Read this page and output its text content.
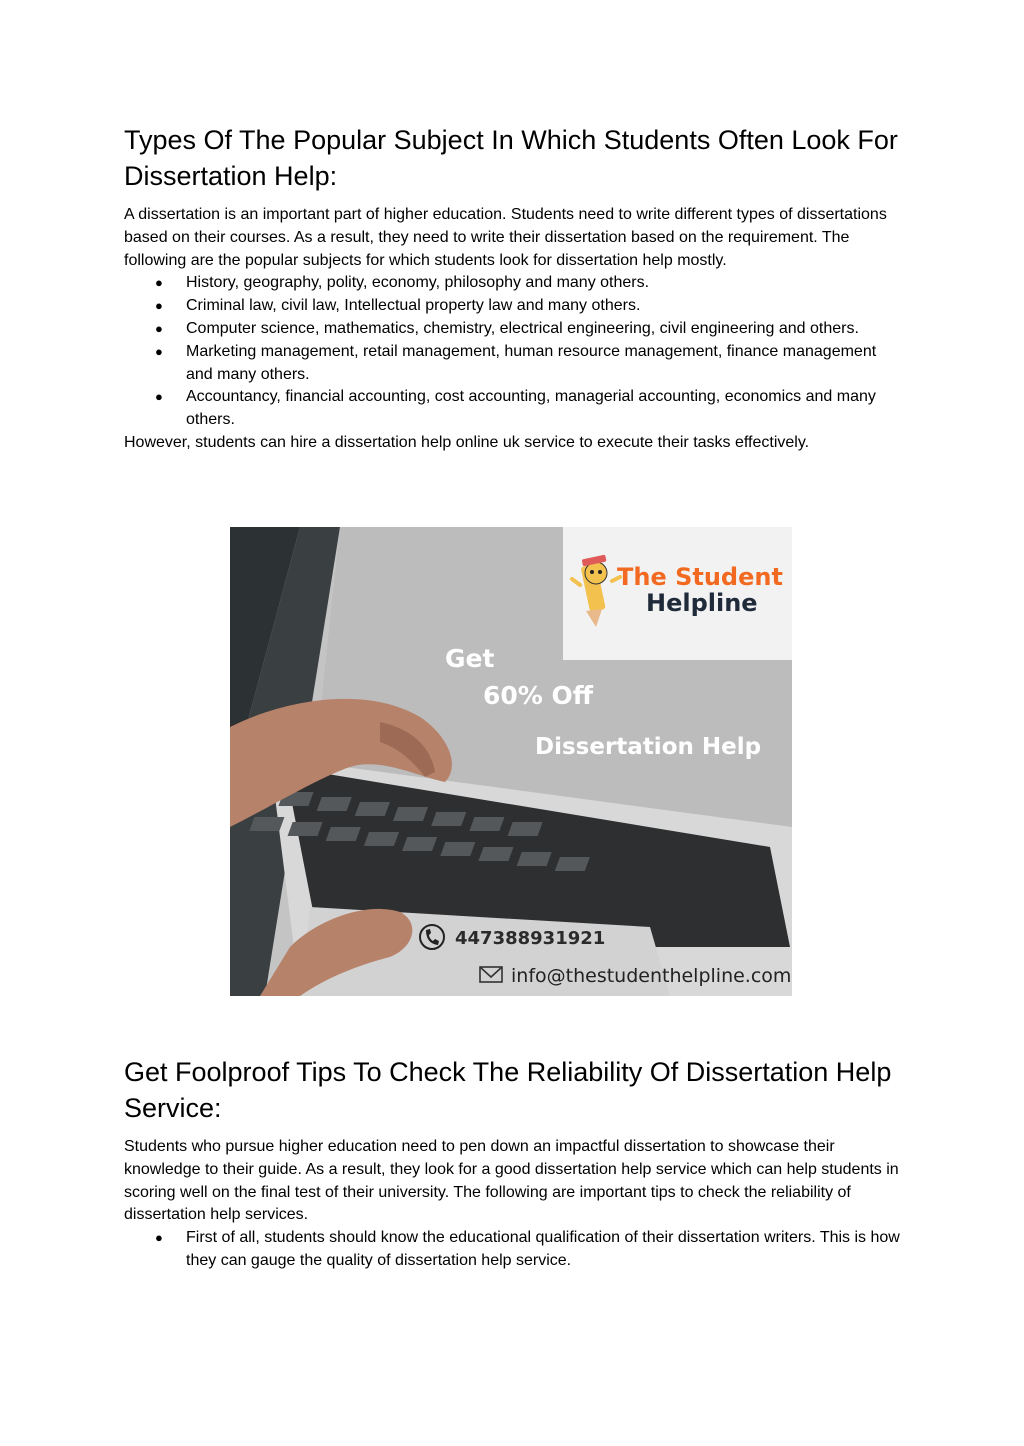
Types Of The Popular Subject In Which Students Often Look For Dissertation Help:

A dissertation is an important part of higher education. Students need to write different types of dissertations based on their courses. As a result, they need to write their dissertation based on the requirement. The following are the popular subjects for which students look for dissertation help mostly.

● History, geography, polity, economy, philosophy and many others.
● Criminal law, civil law, Intellectual property law and many others.
● Computer science, mathematics, chemistry, electrical engineering, civil engineering and others.
● Marketing management, retail management, human resource management, finance management and many others.
● Accountancy, financial accounting, cost accounting, managerial accounting, economics and many others.

However, students can hire a dissertation help online uk service to execute their tasks effectively.

The Student
Helpline
Get
60% Off
Dissertation Help
447388931921
info@thestudenthelpline.com
Get Foolproof Tips To Check The Reliability Of Dissertation Help Service:

Students who pursue higher education need to pen down an impactful dissertation to showcase their knowledge to their guide. As a result, they look for a good dissertation help service which can help students in scoring well on the final test of their university. The following are important tips to check the reliability of dissertation help services.

● First of all, students should know the educational qualification of their dissertation writers. This is how they can gauge the quality of dissertation help service.
